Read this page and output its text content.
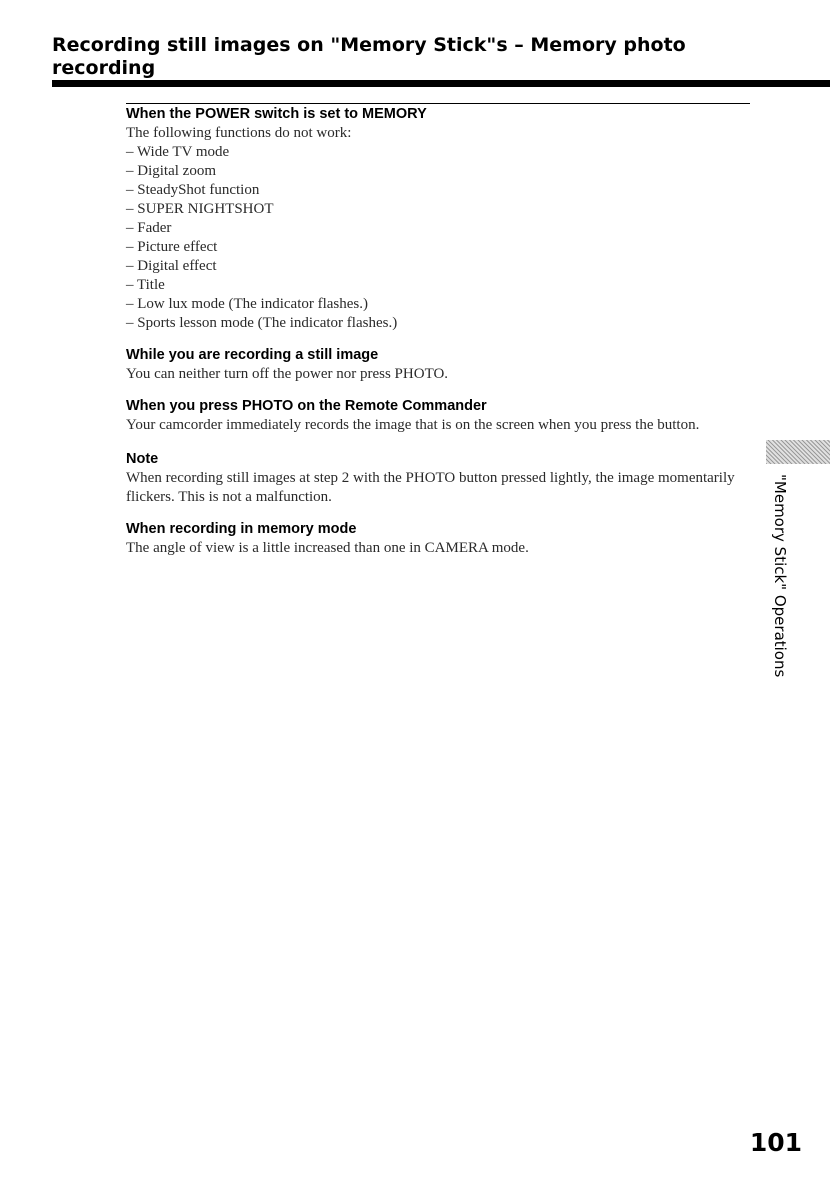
Recording still images on "Memory Stick"s – Memory photo recording
When the POWER switch is set to MEMORY

The following functions do not work:

– Wide TV mode
– Digital zoom
– SteadyShot function
– SUPER NIGHTSHOT
– Fader
– Picture effect
– Digital effect
– Title
– Low lux mode (The indicator flashes.)
– Sports lesson mode (The indicator flashes.)
While you are recording a still image

You can neither turn off the power nor press PHOTO.

When you press PHOTO on the Remote Commander

Your camcorder immediately records the image that is on the screen when you press the button.

Note

When recording still images at step 2 with the PHOTO button pressed lightly, the image momentarily flickers. This is not a malfunction.

When recording in memory mode

The angle of view is a little increased than one in CAMERA mode.	"Memory Stick" Operations
101
